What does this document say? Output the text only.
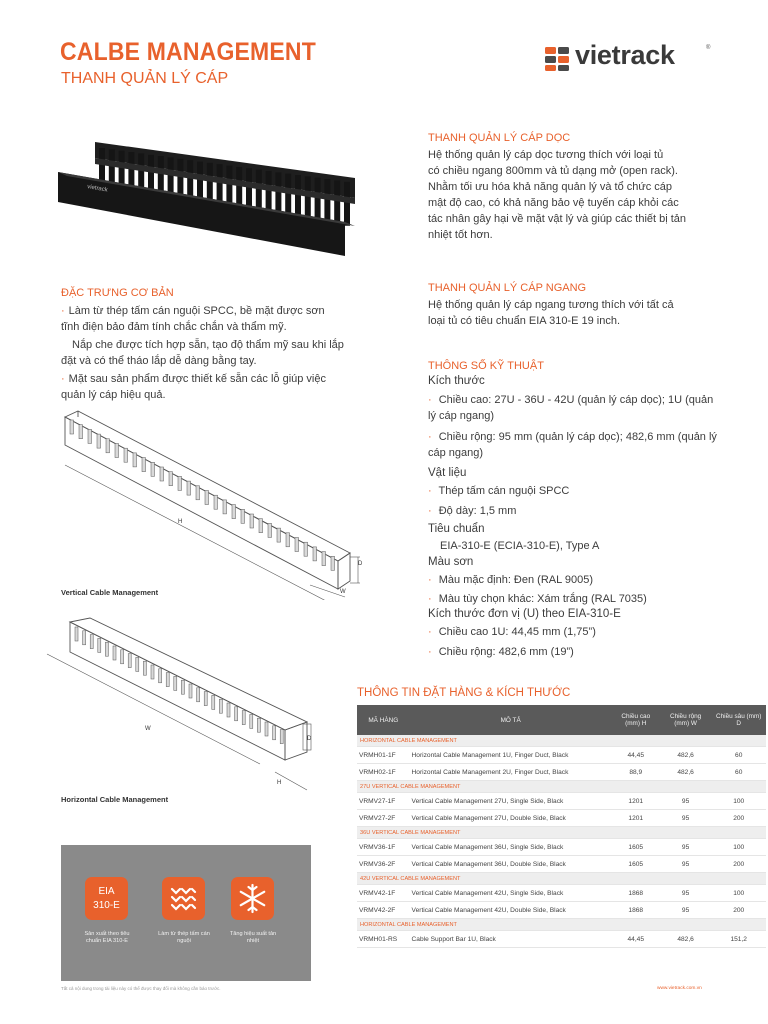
CALBE MANAGEMENT
THANH QUẢN LÝ CÁP
vietrack	®
vietrack
THANH QUẢN LÝ CÁP DỌC
Hệ thống quản lý cáp dọc tương thích với loại tủ
có chiều ngang 800mm và tủ dạng mở (open rack).
Nhằm tối ưu hóa khả năng quản lý và tổ chức cáp
mật độ cao, có khả năng bảo vệ tuyến cáp khỏi các
tác nhân gây hại về mặt vật lý và giúp các thiết bị tản
nhiệt tốt hơn.
THANH QUẢN LÝ CÁP NGANG
Hệ thống quản lý cáp ngang tương thích với tất cả
loại tủ có tiêu chuẩn EIA 310-E 19 inch.
ĐẶC TRƯNG CƠ BẢN
· Làm từ thép tấm cán nguội SPCC, bề mặt được sơn tĩnh điện bảo đảm tính chắc chắn và thẩm mỹ.
Nắp che được tích hợp sẵn, tạo độ thẩm mỹ sau khi lắp đặt và có thể tháo lắp dễ dàng bằng tay.
· Mặt sau sản phẩm được thiết kế sẵn các lỗ giúp việc quản lý cáp hiệu quả.
H
D
W
Vertical Cable Management
W
D
H
Horizontal Cable Management
THÔNG SỐ KỸ THUẬT
Kích thước
· Chiều cao: 27U - 36U - 42U (quản lý cáp dọc); 1U (quản lý cáp ngang)
· Chiều rộng: 95 mm (quản lý cáp dọc); 482,6 mm (quản lý cáp ngang)
Vật liệu
· Thép tấm cán nguội SPCC
· Độ dày: 1,5 mm
Tiêu chuẩn
EIA-310-E (ECIA-310-E), Type A
Màu sơn
· Màu mặc định: Đen (RAL 9005)
· Màu tùy chọn khác: Xám trắng (RAL 7035)
Kích thước đơn vị (U) theo EIA-310-E
· Chiều cao 1U: 44,45 mm (1,75”)
· Chiều rộng: 482,6 mm (19”)
THÔNG TIN ĐẶT HÀNG & KÍCH THƯỚC
MÃ HÀNG	MÔ TẢ	Chiều cao (mm) H	Chiều rộng (mm) W	Chiều sâu (mm) D
HORIZONTAL CABLE MANAGEMENT				
VRMH01-1F	Horizontal Cable Management 1U, Finger Duct, Black	44,45	482,6	60
VRMH02-1F	Horizontal Cable Management 2U, Finger Duct, Black	88,9	482,6	60
27U VERTICAL CABLE MANAGEMENT				
VRMV27-1F	Vertical Cable Management 27U, Single Side, Black	1201	95	100
VRMV27-2F	Vertical Cable Management 27U, Double Side, Black	1201	95	200
36U VERTICAL CABLE MANAGEMENT				
VRMV36-1F	Vertical Cable Management 36U, Single Side, Black	1605	95	100
VRMV36-2F	Vertical Cable Management 36U, Double Side, Black	1605	95	200
42U VERTICAL CABLE MANAGEMENT				
VRMV42-1F	Vertical Cable Management 42U, Single Side, Black	1868	95	100
VRMV42-2F	Vertical Cable Management 42U, Double Side, Black	1868	95	200
HORIZONTAL CABLE MANAGEMENT				
VRMH01-RS	Cable Support Bar 1U, Black	44,45	482,6	151,2
EIA
310-E
Sản xuất theo tiêu chuẩn EIA 310-E
Làm từ thép tấm cán nguội
Tăng hiệu suất tản nhiệt
Tất cả nội dung trong tài liệu này có thể được thay đổi mà không cần báo trước.	www.vietrack.com.vn
